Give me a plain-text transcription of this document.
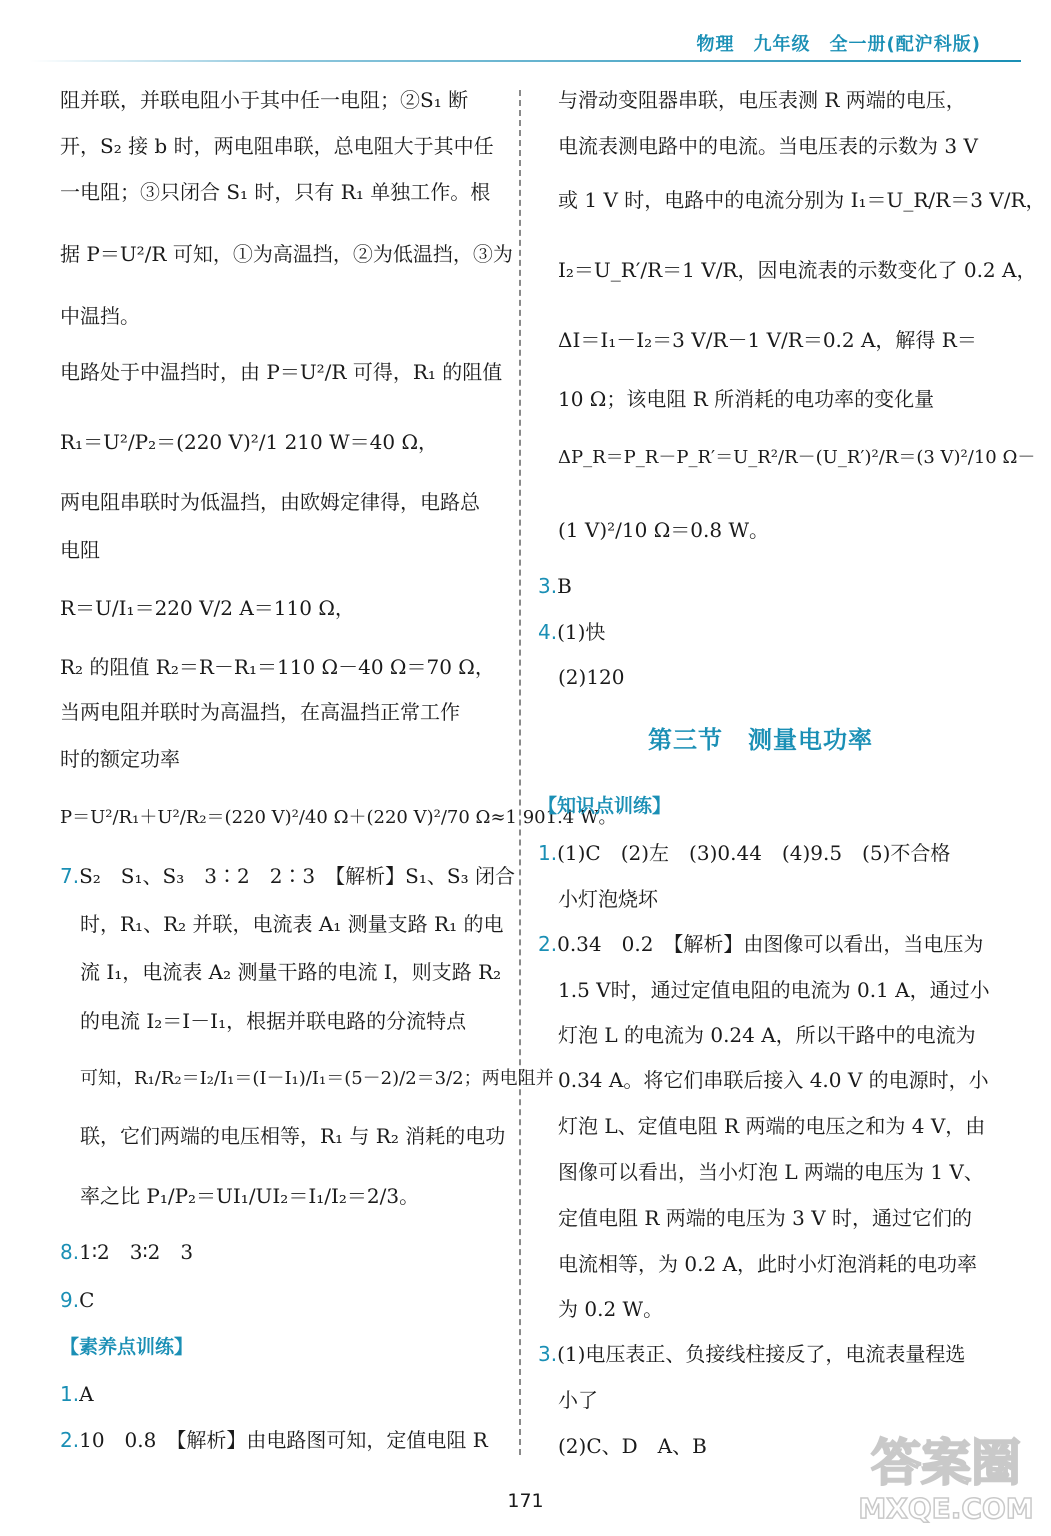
物理　九年级　全一册(配沪科版)
阻并联，并联电阻小于其中任一电阻；②S₁ 断
开，S₂ 接 b 时，两电阻串联，总电阻大于其中任
一电阻；③只闭合 S₁ 时，只有 R₁ 单独工作。根
据 P＝U²/R 可知，①为高温挡，②为低温挡，③为
中温挡。
电路处于中温挡时，由 P＝U²/R 可得，R₁ 的阻值
R₁＝U²/P₂＝(220 V)²/1 210 W＝40 Ω，
两电阻串联时为低温挡，由欧姆定律得，电路总
电阻
R＝U/I₁＝220 V/2 A＝110 Ω，
R₂ 的阻值 R₂＝R－R₁＝110 Ω－40 Ω＝70 Ω，
当两电阻并联时为高温挡，在高温挡正常工作
时的额定功率
P＝U²/R₁＋U²/R₂＝(220 V)²/40 Ω＋(220 V)²/70 Ω≈1 901.4 W。
7.S₂　S₁、S₃　3∶2　2∶3　【解析】S₁、S₃ 闭合
时，R₁、R₂ 并联，电流表 A₁ 测量支路 R₁ 的电
流 I₁，电流表 A₂ 测量干路的电流 I，则支路 R₂
的电流 I₂＝I－I₁，根据并联电路的分流特点
可知，R₁/R₂＝I₂/I₁＝(I－I₁)/I₁＝(5－2)/2＝3/2；两电阻并
联，它们两端的电压相等，R₁ 与 R₂ 消耗的电功
率之比 P₁/P₂＝UI₁/UI₂＝I₁/I₂＝2/3。
8.1∶2　3∶2　3
9.C
【素养点训练】
1.A
2.10　0.8　【解析】由电路图可知，定值电阻 R
与滑动变阻器串联，电压表测 R 两端的电压，
电流表测电路中的电流。当电压表的示数为 3 V
或 1 V 时，电路中的电流分别为 I₁＝U_R/R＝3 V/R，
I₂＝U_R′/R＝1 V/R，因电流表的示数变化了 0.2 A，
ΔI＝I₁－I₂＝3 V/R－1 V/R＝0.2 A，解得 R＝
10 Ω；该电阻 R 所消耗的电功率的变化量
ΔP_R＝P_R－P_R′＝U_R²/R－(U_R′)²/R＝(3 V)²/10 Ω－
(1 V)²/10 Ω＝0.8 W。
3.B
4.(1)快
(2)120
第三节　测量电功率
【知识点训练】
1.(1)C　(2)左　(3)0.44　(4)9.5　(5)不合格
小灯泡烧坏
2.0.34　0.2　【解析】由图像可以看出，当电压为
1.5 V时，通过定值电阻的电流为 0.1 A，通过小
灯泡 L 的电流为 0.24 A，所以干路中的电流为
0.34 A。将它们串联后接入 4.0 V 的电源时，小
灯泡 L、定值电阻 R 两端的电压之和为 4 V，由
图像可以看出，当小灯泡 L 两端的电压为 1 V、
定值电阻 R 两端的电压为 3 V 时，通过它们的
电流相等，为 0.2 A，此时小灯泡消耗的电功率
为 0.2 W。
3.(1)电压表正、负接线柱接反了，电流表量程选
小了
(2)C、D　A、B
171
答案圈
MXQE.COM
